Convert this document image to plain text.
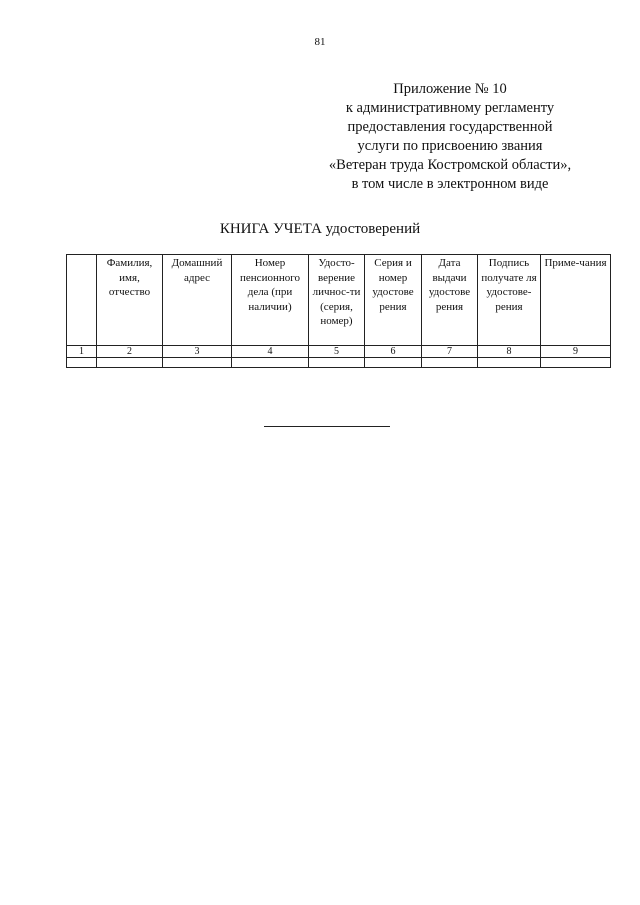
81
Приложение № 10
к административному регламенту
предоставления государственной
услуги по присвоению звания
«Ветеран труда Костромской области»,
в том числе в электронном виде
КНИГА УЧЕТА удостоверений
	Фамилия, имя, отчество	Домашний адрес	Номер пенсионного дела (при наличии)	Удосто-верение личнос-ти (серия, номер)	Серия и номер удостове рения	Дата выдачи удостове рения	Подпись получате ля удостове-рения	Приме-чания
1	2	3	4	5	6	7	8	9
